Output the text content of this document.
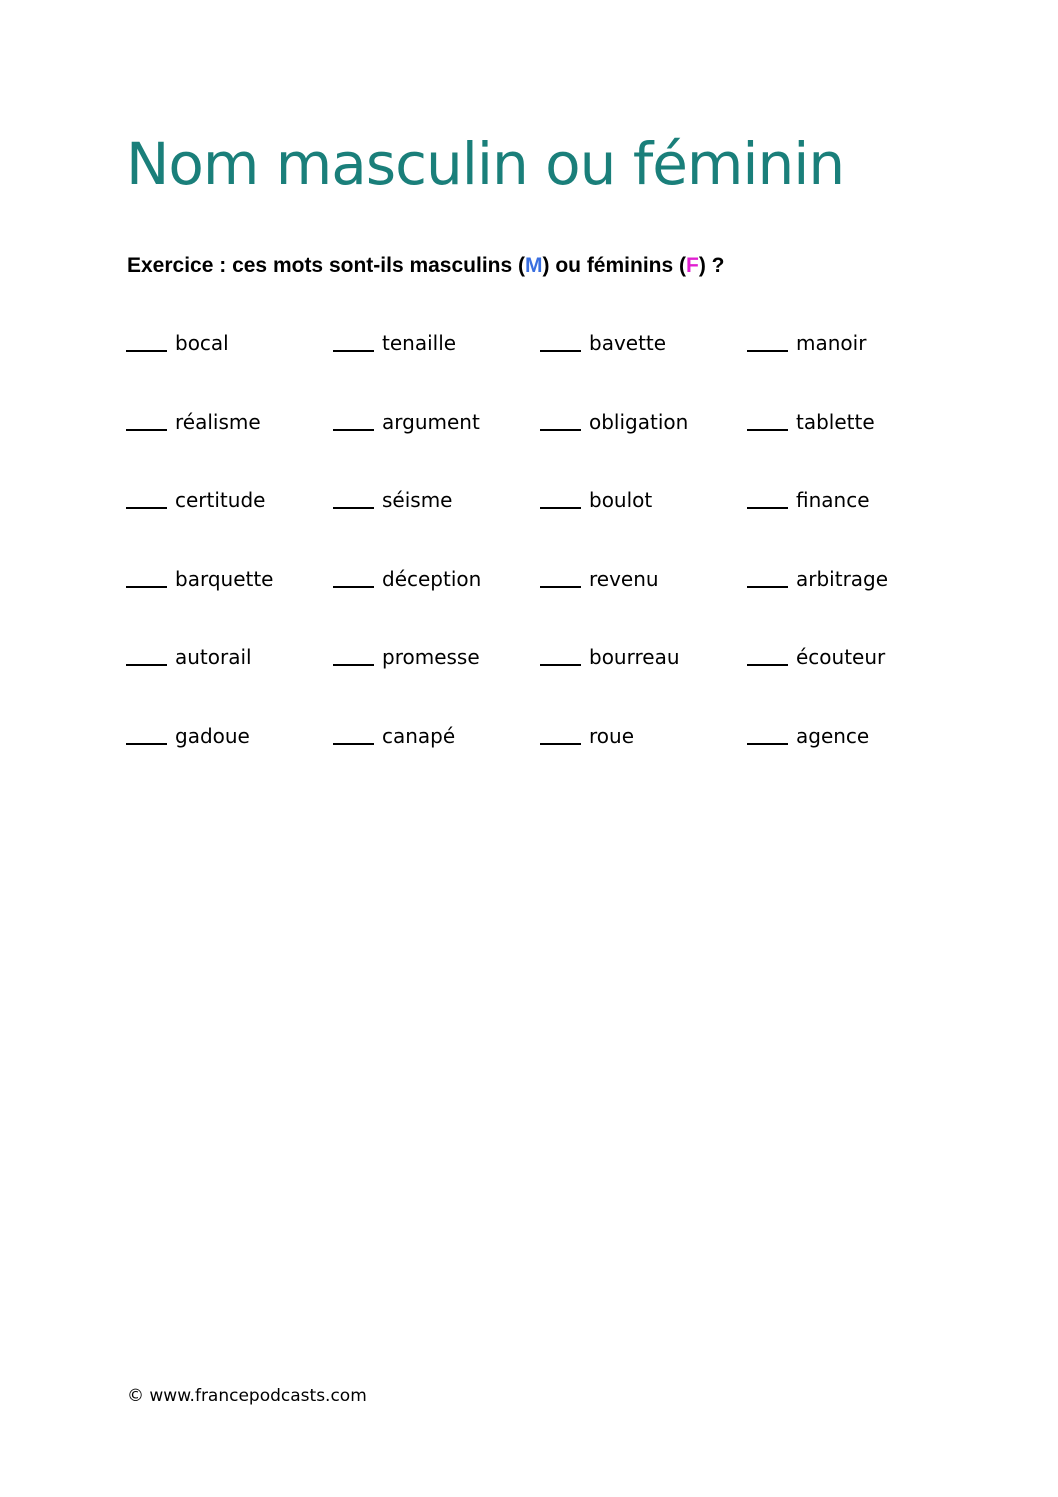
Nom masculin ou féminin

Exercice : ces mots sont-ils masculins (M) ou féminins (F) ?

bocal	tenaille	bavette	manoir
réalisme	argument	obligation	tablette
certitude	séisme	boulot	finance
barquette	déception	revenu	arbitrage
autorail	promesse	bourreau	écouteur
gadoue	canapé	roue	agence

© www.francepodcasts.com
